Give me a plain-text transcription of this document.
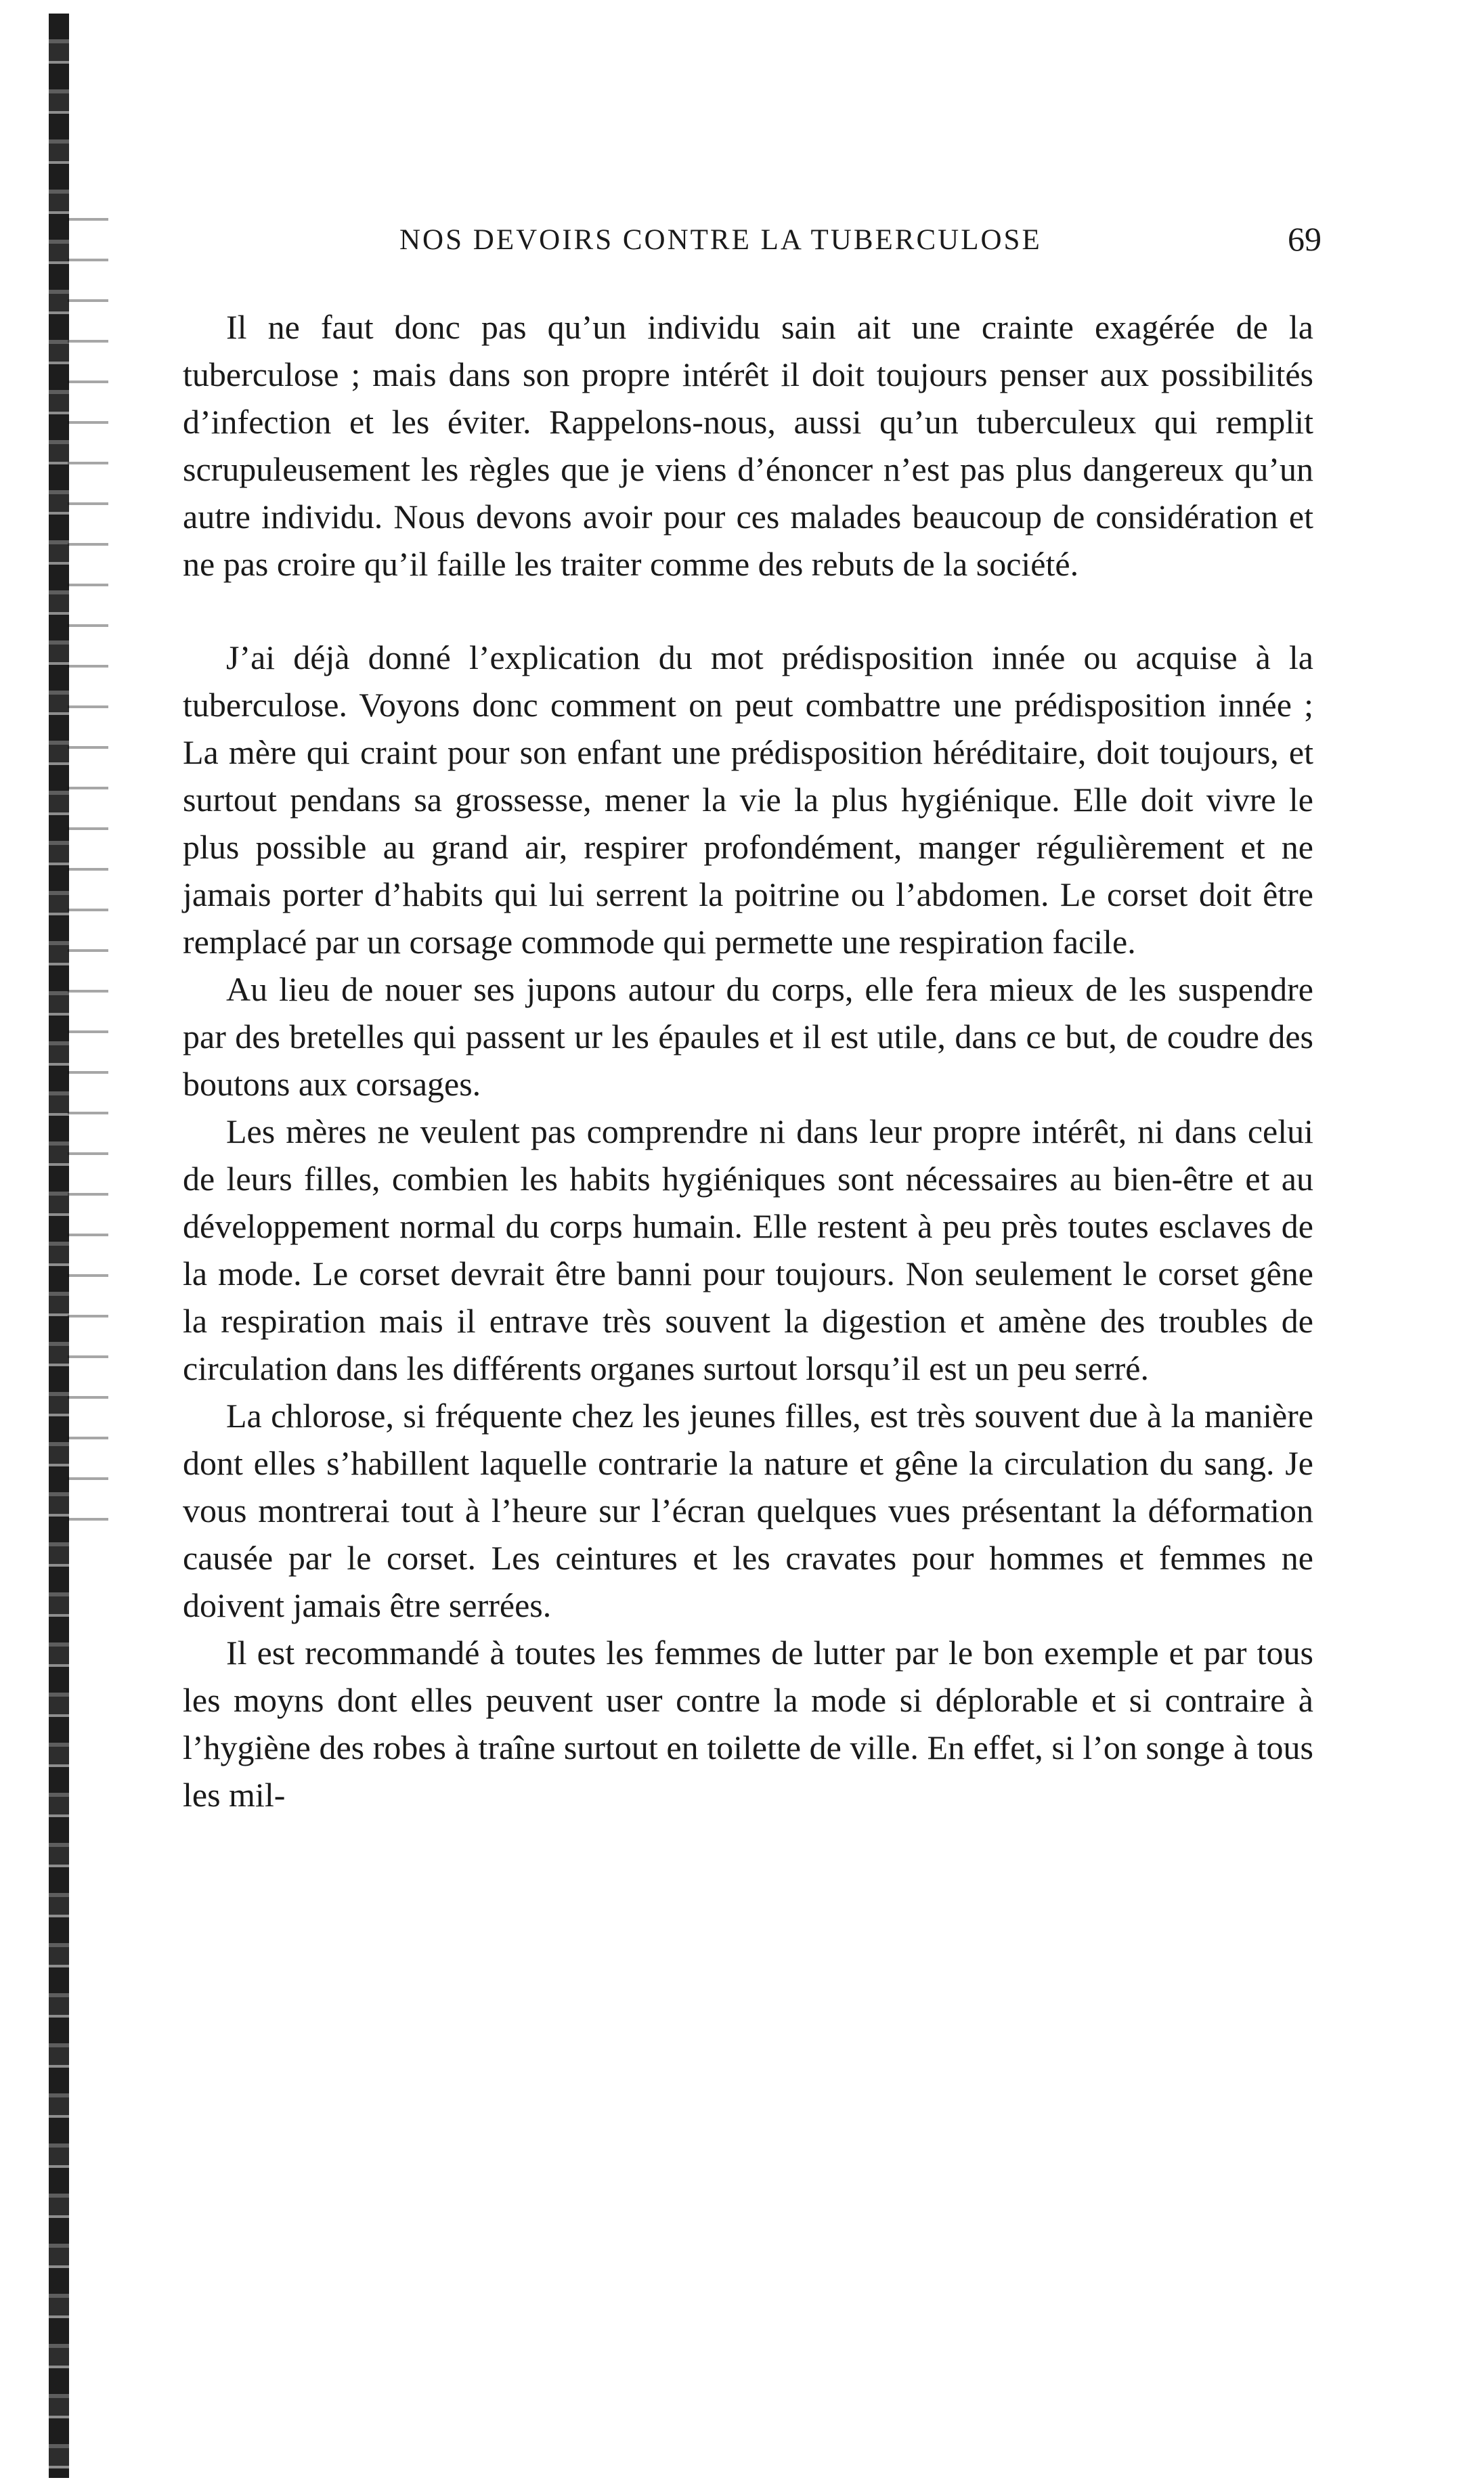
NOS DEVOIRS CONTRE LA TUBERCULOSE	69

Il ne faut donc pas qu’un individu sain ait une crainte exagérée de la tuberculose ; mais dans son propre intérêt il doit toujours penser aux possibilités d’infection et les éviter. Rappelons-nous, aussi qu’un tuberculeux qui remplit scrupuleusement les règles que je viens d’énoncer n’est pas plus dangereux qu’un autre individu. Nous devons avoir pour ces malades beaucoup de considération et ne pas croire qu’il faille les traiter comme des rebuts de la société.

J’ai déjà donné l’explication du mot prédisposition innée ou acquise à la tuberculose. Voyons donc comment on peut combattre une prédisposition innée ; La mère qui craint pour son enfant une prédisposition héréditaire, doit toujours, et surtout pendans sa grossesse, mener la vie la plus hygiénique. Elle doit vivre le plus possible au grand air, respirer profondément, manger régulièrement et ne jamais porter d’habits qui lui serrent la poitrine ou l’abdomen. Le corset doit être remplacé par un corsage commode qui permette une respiration facile.

Au lieu de nouer ses jupons autour du corps, elle fera mieux de les suspendre par des bretelles qui passent ur les épaules et il est utile, dans ce but, de coudre des boutons aux corsages.

Les mères ne veulent pas comprendre ni dans leur propre intérêt, ni dans celui de leurs filles, combien les habits hygiéniques sont nécessaires au bien-être et au développement normal du corps humain. Elle restent à peu près toutes esclaves de la mode. Le corset devrait être banni pour toujours. Non seulement le corset gêne la respiration mais il entrave très souvent la digestion et amène des troubles de circulation dans les différents organes surtout lorsqu’il est un peu serré.

La chlorose, si fréquente chez les jeunes filles, est très souvent due à la manière dont elles s’habillent laquelle contrarie la nature et gêne la circulation du sang. Je vous montrerai tout à l’heure sur l’écran quelques vues présentant la déformation causée par le corset. Les ceintures et les cravates pour hommes et femmes ne doivent jamais être serrées.

Il est recommandé à toutes les femmes de lutter par le bon exemple et par tous les moyns dont elles peuvent user contre la mode si déplorable et si contraire à l’hygiène des robes à traîne surtout en toilette de ville. En effet, si l’on songe à tous les mil-
